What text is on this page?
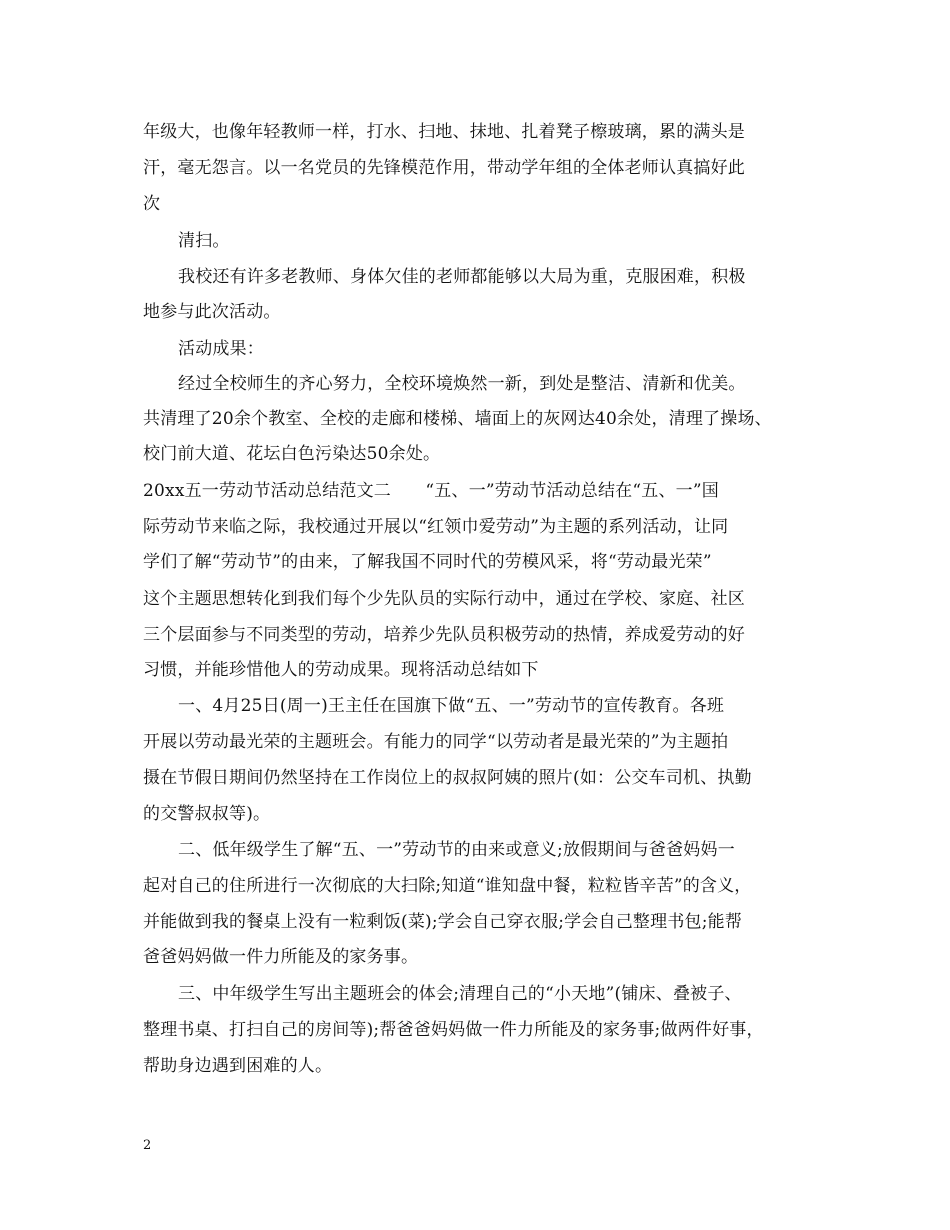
年级大，也像年轻教师一样，打水、扫地、抹地、扎着凳子檫玻璃，累的满头是
汗，毫无怨言。以一名党员的先锋模范作用，带动学年组的全体老师认真搞好此
次
清扫。
我校还有许多老教师、身体欠佳的老师都能够以大局为重，克服困难，积极
地参与此次活动。
活动成果：
经过全校师生的齐心努力，全校环境焕然一新，到处是整洁、清新和优美。
共清理了20余个教室、全校的走廊和楼梯、墙面上的灰网达40余处，清理了操场、
校门前大道、花坛白色污染达50余处。
20xx五一劳动节活动总结范文二　　“五、一”劳动节活动总结在“五、一”国
际劳动节来临之际，我校通过开展以“红领巾爱劳动”为主题的系列活动，让同
学们了解“劳动节”的由来，了解我国不同时代的劳模风采，将“劳动最光荣”
这个主题思想转化到我们每个少先队员的实际行动中，通过在学校、家庭、社区
三个层面参与不同类型的劳动，培养少先队员积极劳动的热情，养成爱劳动的好
习惯，并能珍惜他人的劳动成果。现将活动总结如下
一、4月25日(周一)王主任在国旗下做“五、一”劳动节的宣传教育。各班
开展以劳动最光荣的主题班会。有能力的同学“以劳动者是最光荣的”为主题拍
摄在节假日期间仍然坚持在工作岗位上的叔叔阿姨的照片(如：公交车司机、执勤
的交警叔叔等)。
二、低年级学生了解“五、一”劳动节的由来或意义;放假期间与爸爸妈妈一
起对自己的住所进行一次彻底的大扫除;知道“谁知盘中餐，粒粒皆辛苦”的含义，
并能做到我的餐桌上没有一粒剩饭(菜);学会自己穿衣服;学会自己整理书包;能帮
爸爸妈妈做一件力所能及的家务事。
三、中年级学生写出主题班会的体会;清理自己的“小天地”(铺床、叠被子、
整理书桌、打扫自己的房间等);帮爸爸妈妈做一件力所能及的家务事;做两件好事，
帮助身边遇到困难的人。
2
